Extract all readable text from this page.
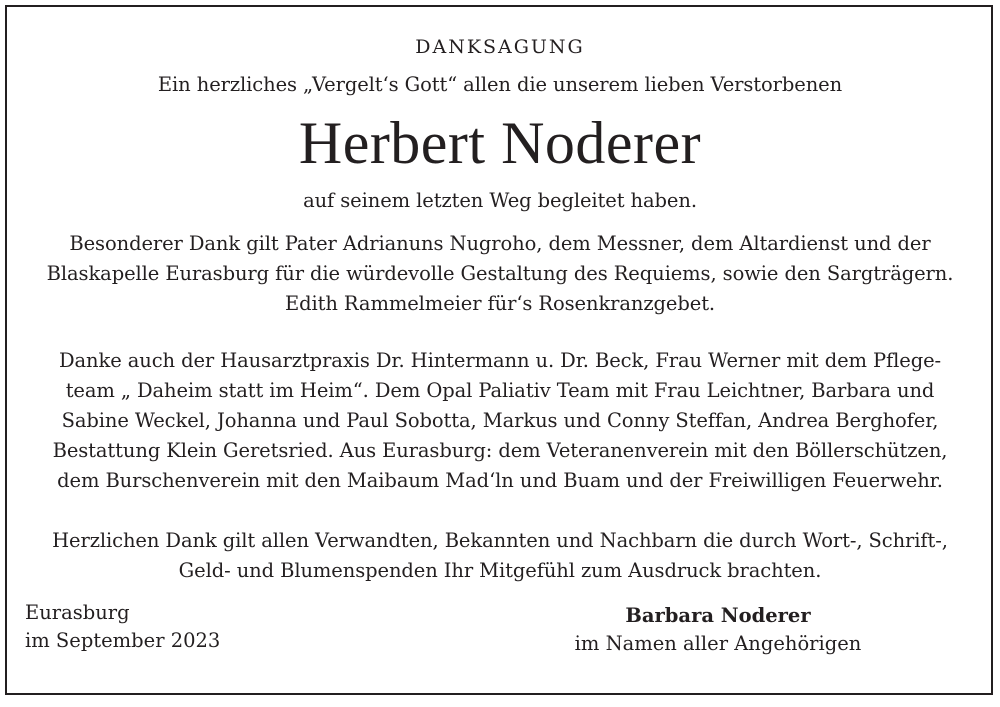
DANKSAGUNG
Ein herzliches „Vergelt‘s Gott“ allen die unserem lieben Verstorbenen
Herbert Noderer
auf seinem letzten Weg begleitet haben.
Besonderer Dank gilt Pater Adrianuns Nugroho, dem Messner, dem Altardienst und der
Blaskapelle Eurasburg für die würdevolle Gestaltung des Requiems, sowie den Sargträgern.
Edith Rammelmeier für‘s Rosenkranzgebet.
Danke auch der Hausarztpraxis Dr. Hintermann u. Dr. Beck, Frau Werner mit dem Pflege-
team „ Daheim statt im Heim“. Dem Opal Paliativ Team mit Frau Leichtner, Barbara und
Sabine Weckel, Johanna und Paul Sobotta, Markus und Conny Steffan, Andrea Berghofer,
Bestattung Klein Geretsried. Aus Eurasburg: dem Veteranenverein mit den Böllerschützen,
dem Burschenverein mit den Maibaum Mad‘ln und Buam und der Freiwilligen Feuerwehr.
Herzlichen Dank gilt allen Verwandten, Bekannten und Nachbarn die durch Wort-, Schrift-,
Geld- und Blumenspenden Ihr Mitgefühl zum Ausdruck brachten.
Eurasburg
im September 2023
Barbara Noderer
im Namen aller Angehörigen
